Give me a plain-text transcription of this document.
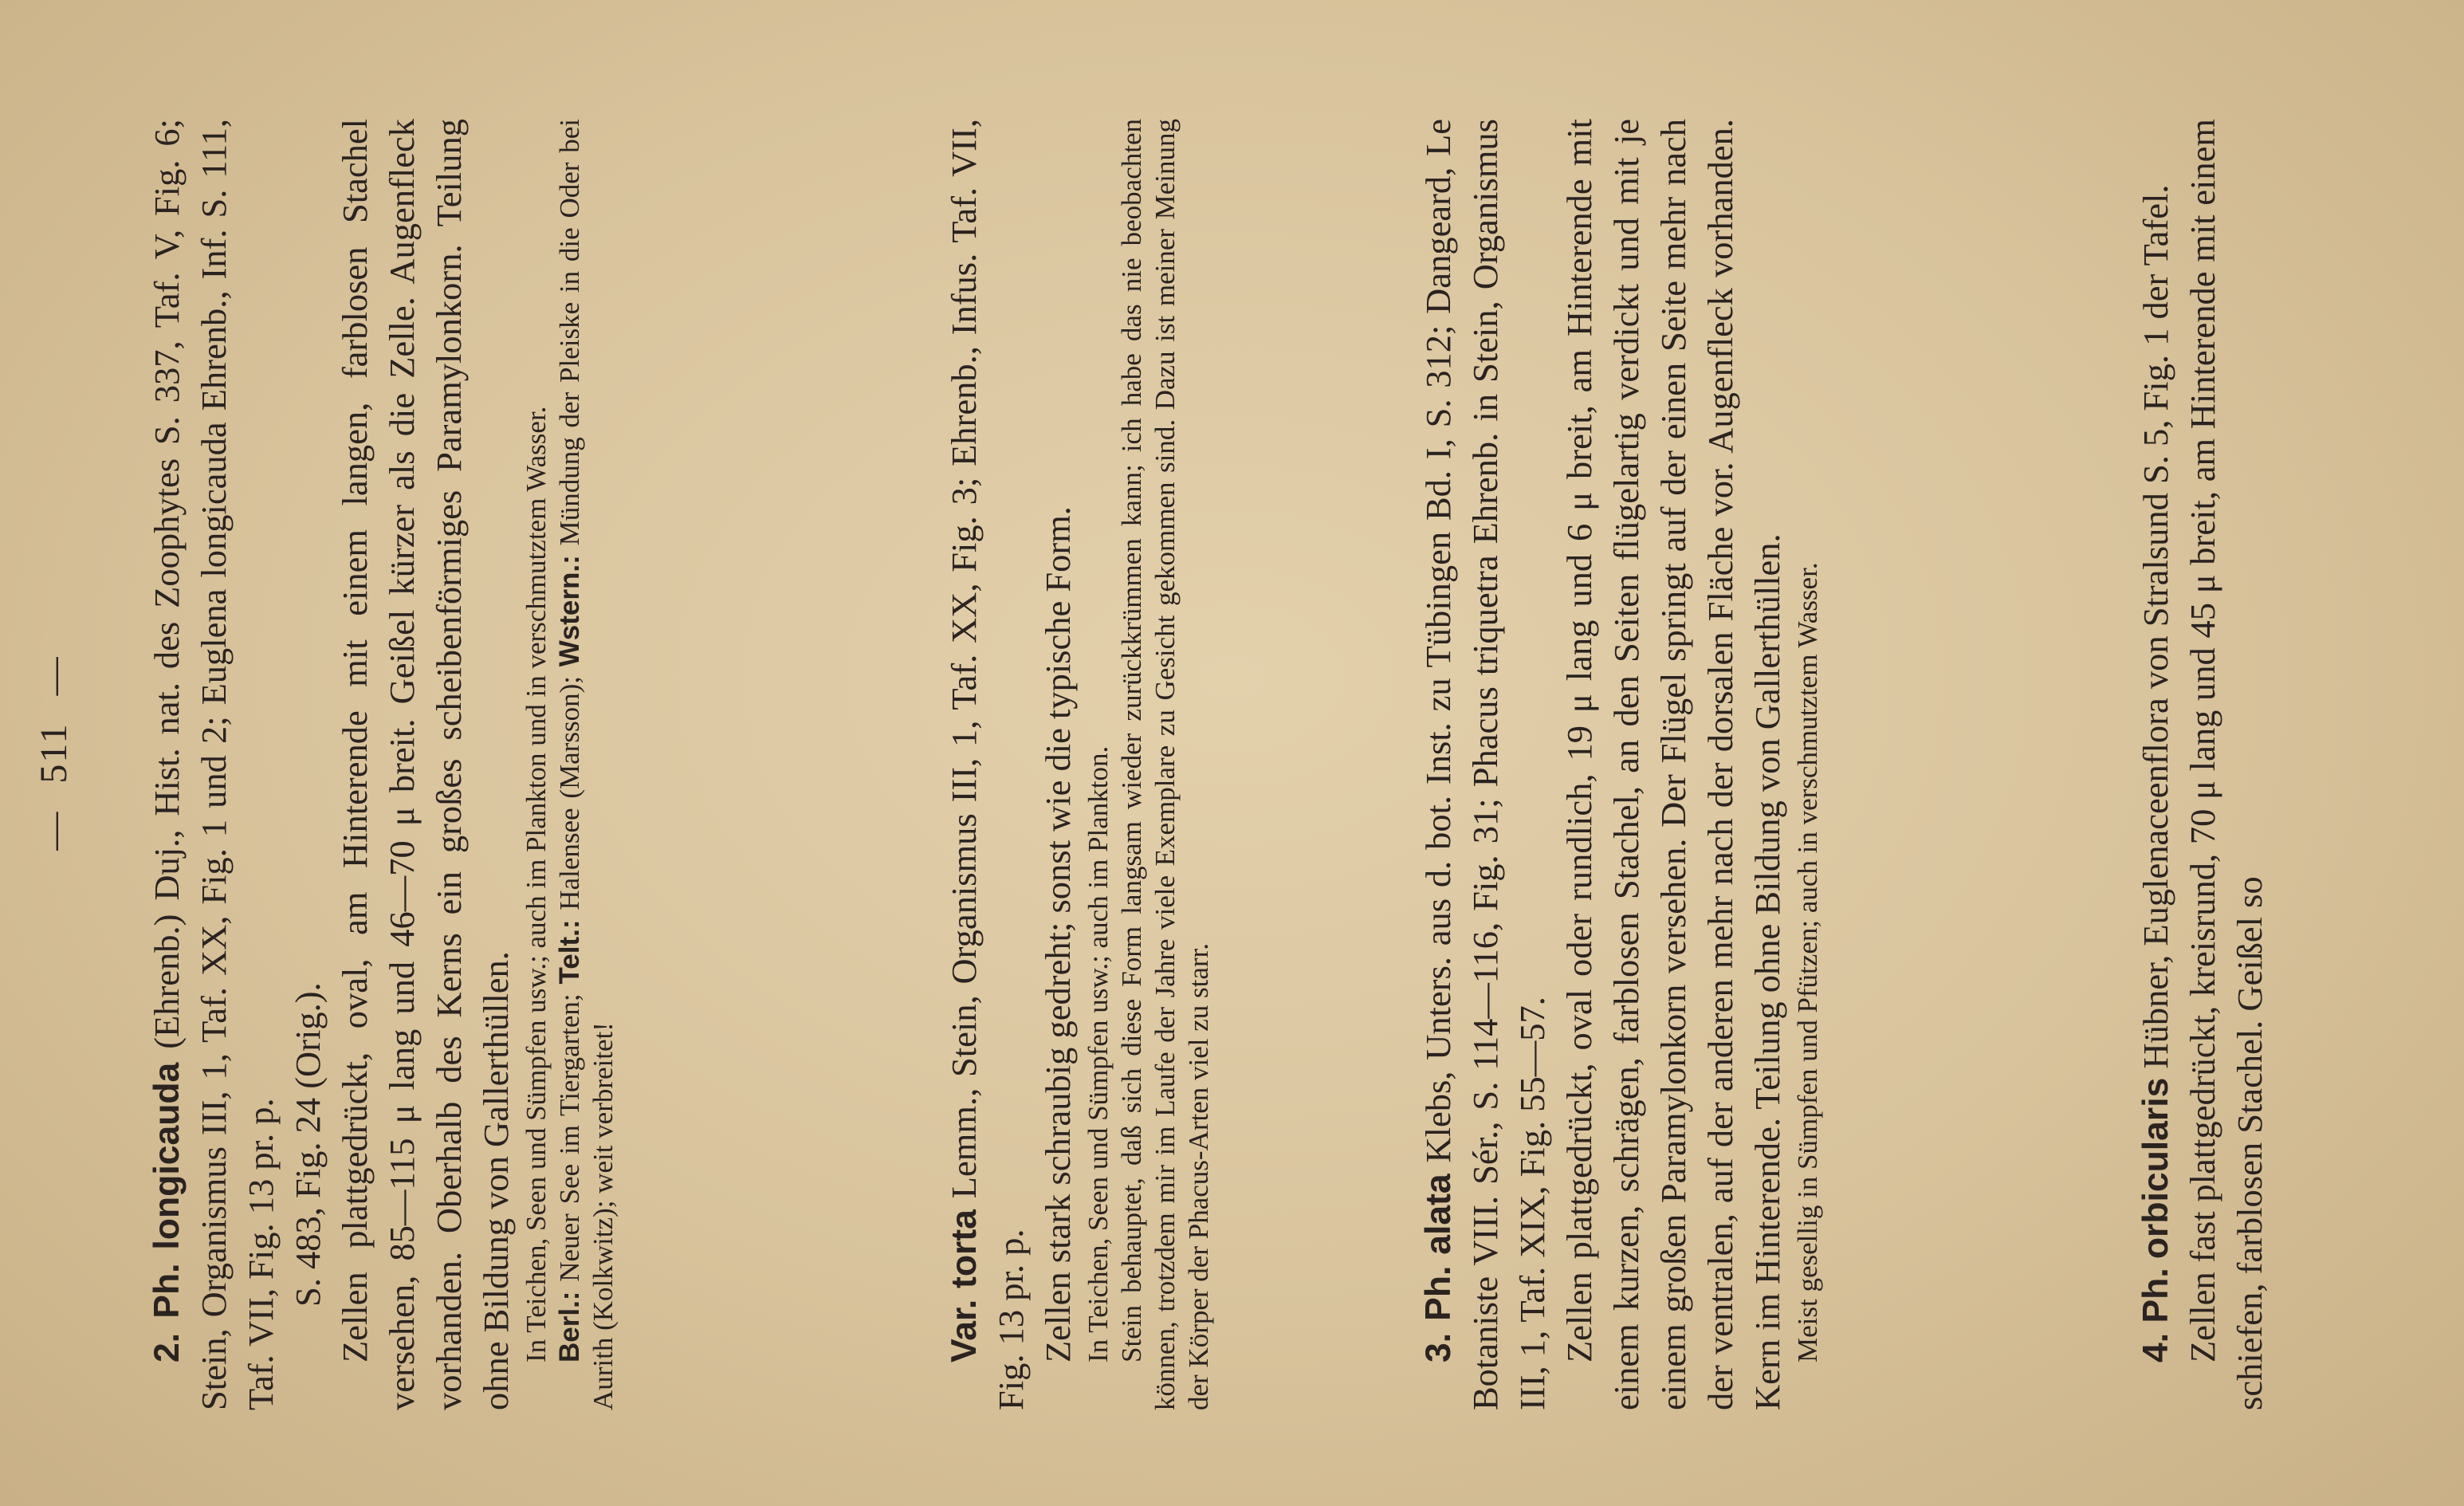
— 511 —

2. Ph. longicauda (Ehrenb.) Duj., Hist. nat. des Zoophytes S. 337, Taf. V, Fig. 6; Stein, Organismus III, 1, Taf. XX, Fig. 1 und 2; Euglena longicauda Ehrenb., Inf. S. 111, Taf. VII, Fig. 13 pr. p. S. 483, Fig. 24 (Orig.). Zellen plattgedrückt, oval, am Hinterende mit einem langen, farblosen Stachel versehen, 85—115 μ lang und 46—70 μ breit. Geißel kürzer als die Zelle. Augenfleck vorhanden. Oberhalb des Kerns ein großes scheibenförmiges Paramylonkorn. Teilung ohne Bildung von Gallerthüllen. In Teichen, Seen und Sümpfen usw.; auch im Plankton und in verschmutztem Wasser. Berl.: Neuer See im Tiergarten; Telt.: Halensee (Marsson); Wstern.: Mündung der Pleiske in die Oder bei Aurith (Kolkwitz); weit verbreitet!	Var. torta Lemm., Stein, Organismus III, 1, Taf. XX, Fig. 3; Ehrenb., Infus. Taf. VII, Fig. 13 pr. p. Zellen stark schraubig gedreht; sonst wie die typische Form. In Teichen, Seen und Sümpfen usw.; auch im Plankton. Stein behauptet, daß sich diese Form langsam wieder zurückkrümmen kann; ich habe das nie beobachten können, trotzdem mir im Laufe der Jahre viele Exemplare zu Gesicht gekommen sind. Dazu ist meiner Meinung der Körper der Phacus-Arten viel zu starr.	3. Ph. alata Klebs, Unters. aus d. bot. Inst. zu Tübingen Bd. I, S. 312; Dangeard, Le Botaniste VIII. Sér., S. 114—116, Fig. 31; Phacus triquetra Ehrenb. in Stein, Organismus III, 1, Taf. XIX, Fig. 55—57. Zellen plattgedrückt, oval oder rundlich, 19 μ lang und 6 μ breit, am Hinterende mit einem kurzen, schrägen, farblosen Stachel, an den Seiten flügelartig verdickt und mit je einem großen Paramylonkorn versehen. Der Flügel springt auf der einen Seite mehr nach der ventralen, auf der anderen mehr nach der dorsalen Fläche vor. Augenfleck vorhanden. Kern im Hinterende. Teilung ohne Bildung von Gallerthüllen. Meist gesellig in Sümpfen und Pfützen; auch in verschmutztem Wasser.	4. Ph. orbicularis Hübner, Euglenaceenflora von Stralsund S. 5, Fig. 1 der Tafel. Zellen fast plattgedrückt, kreisrund, 70 μ lang und 45 μ breit, am Hinterende mit einem schiefen, farblosen Stachel. Geißel so
